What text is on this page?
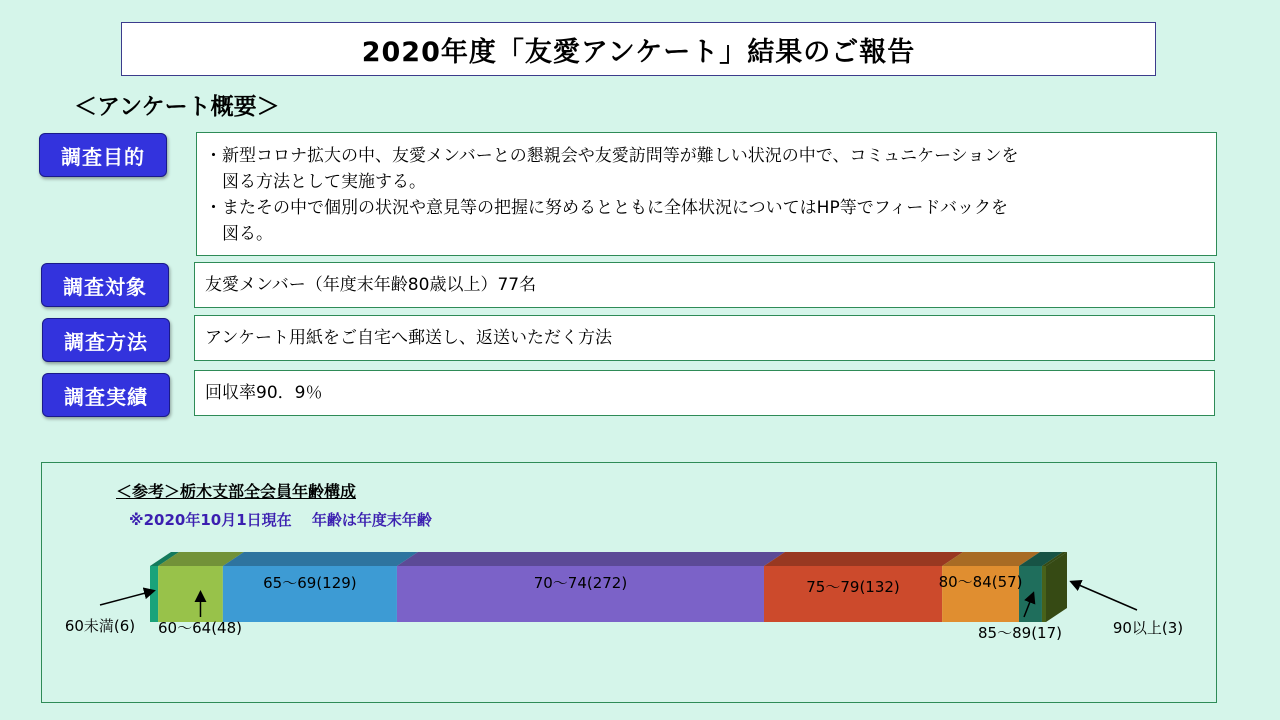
2020年度「友愛アンケート」結果のご報告
＜アンケート概要＞
調査目的	・新型コロナ拡大の中、友愛メンバーとの懇親会や友愛訪問等が難しい状況の中で、コミュニケーションを
　図る方法として実施する。
・またその中で個別の状況や意見等の把握に努めるとともに全体状況についてはHP等でフィードバックを
　図る。
調査対象	友愛メンバー（年度末年齢80歳以上）77名
調査方法	アンケート用紙をご自宅へ郵送し、返送いただく方法
調査実績	回収率90．9％
＜参考＞栃木支部全会員年齢構成
※2020年10月1日現在　 年齢は年度末年齢
60未満(6) 60～64(48)
65～69(129)	70～74(272)	75～79(132)	80～84(57)
85～89(17)	90以上(3)
